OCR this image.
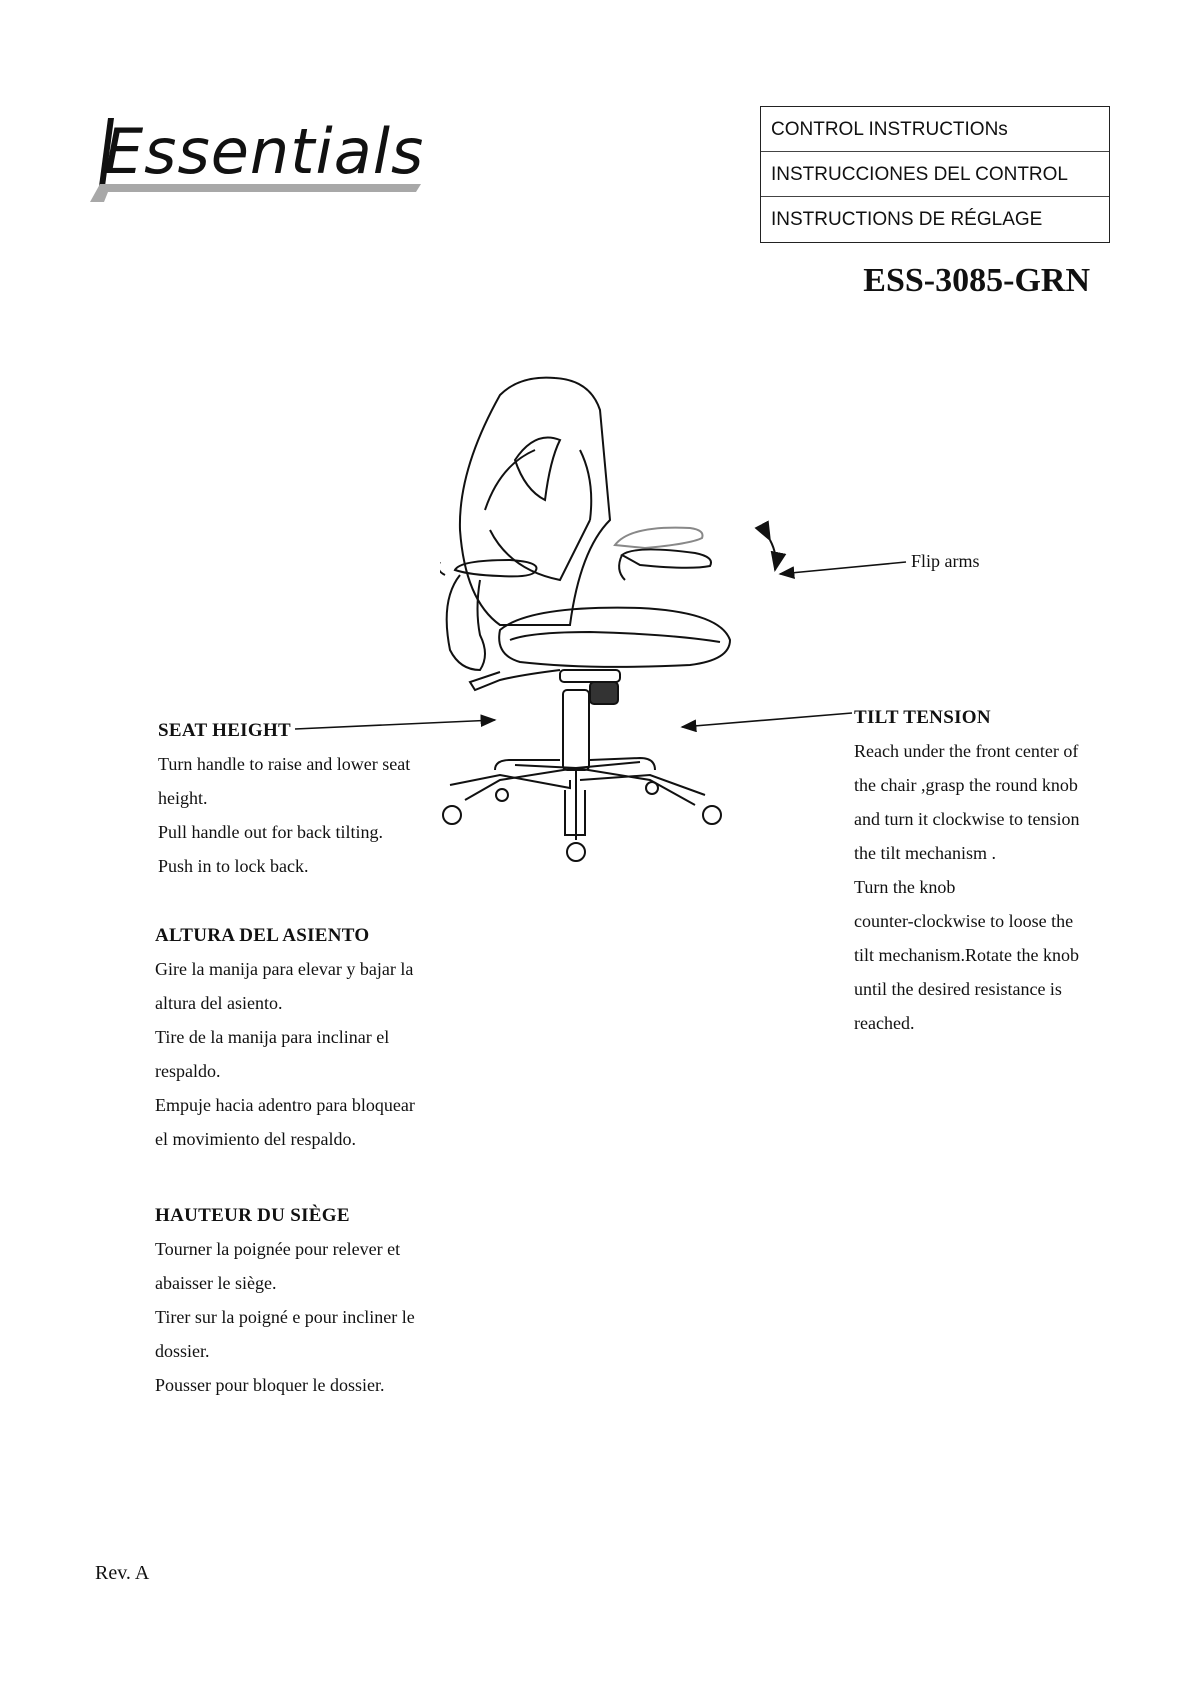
Essentials	CONTROL INSTRUCTIONs
INSTRUCCIONES DEL CONTROL
INSTRUCTIONS DE RÉGLAGE
ESS-3085-GRN
Flip arms
SEAT HEIGHT
Turn handle to raise and lower seat
height.
Pull handle out for back tilting.
Push in to lock back.
ALTURA DEL ASIENTO
Gire la manija para elevar y bajar la
altura del asiento.
Tire de la manija para inclinar el
respaldo.
Empuje hacia adentro para bloquear
el movimiento del respaldo.
HAUTEUR DU SIÈGE
Tourner la poignée pour relever et
abaisser le siège.
Tirer sur la poigné e pour incliner le
dossier.
Pousser pour bloquer le dossier.
TILT TENSION
Reach under the front center of
the chair ,grasp the round knob
and turn it clockwise to tension
the tilt mechanism .
Turn the knob
counter-clockwise to loose the
tilt mechanism.Rotate the knob
until the desired resistance is
reached.
Rev. A
